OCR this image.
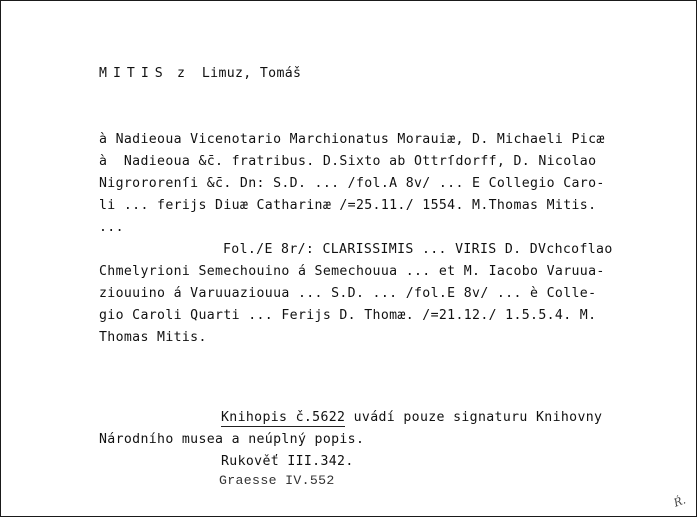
MITIS z  Limuz, Tomáš
à Nadieoua Vicenotario Marchionatus Morauiæ, D. Michaeli Picæ
à  Nadieoua &c̄. fratribus. D.Sixto ab Ottrſdorff, D. Nicolao
Nigrororenſi &c̄. Dn: S.D. ... /fol.A 8v/ ... E Collegio Caro-
li ... ferijs Diuæ Catharinæ /=25.11./ 1554. M.Thomas Mitis.
...
Fol./E 8r/: CLARISSIMIS ... VIRIS D. DVchcoflao
Chmelyrioni Semechouino á Semechouua ... et M. Iacobo Varuua-
ziouuino á Varuuaziouua ... S.D. ... /fol.E 8v/ ... è Colle-
gio Caroli Quarti ... Ferijs D. Thomæ. /=21.12./ 1.5.5.4. M.
Thomas Mitis.
Knihopis č.5622 uvádí pouze signaturu Knihovny
Národního musea a neúplný popis.
Rukověť III.342.
Graesse IV.552
Ŕ.
